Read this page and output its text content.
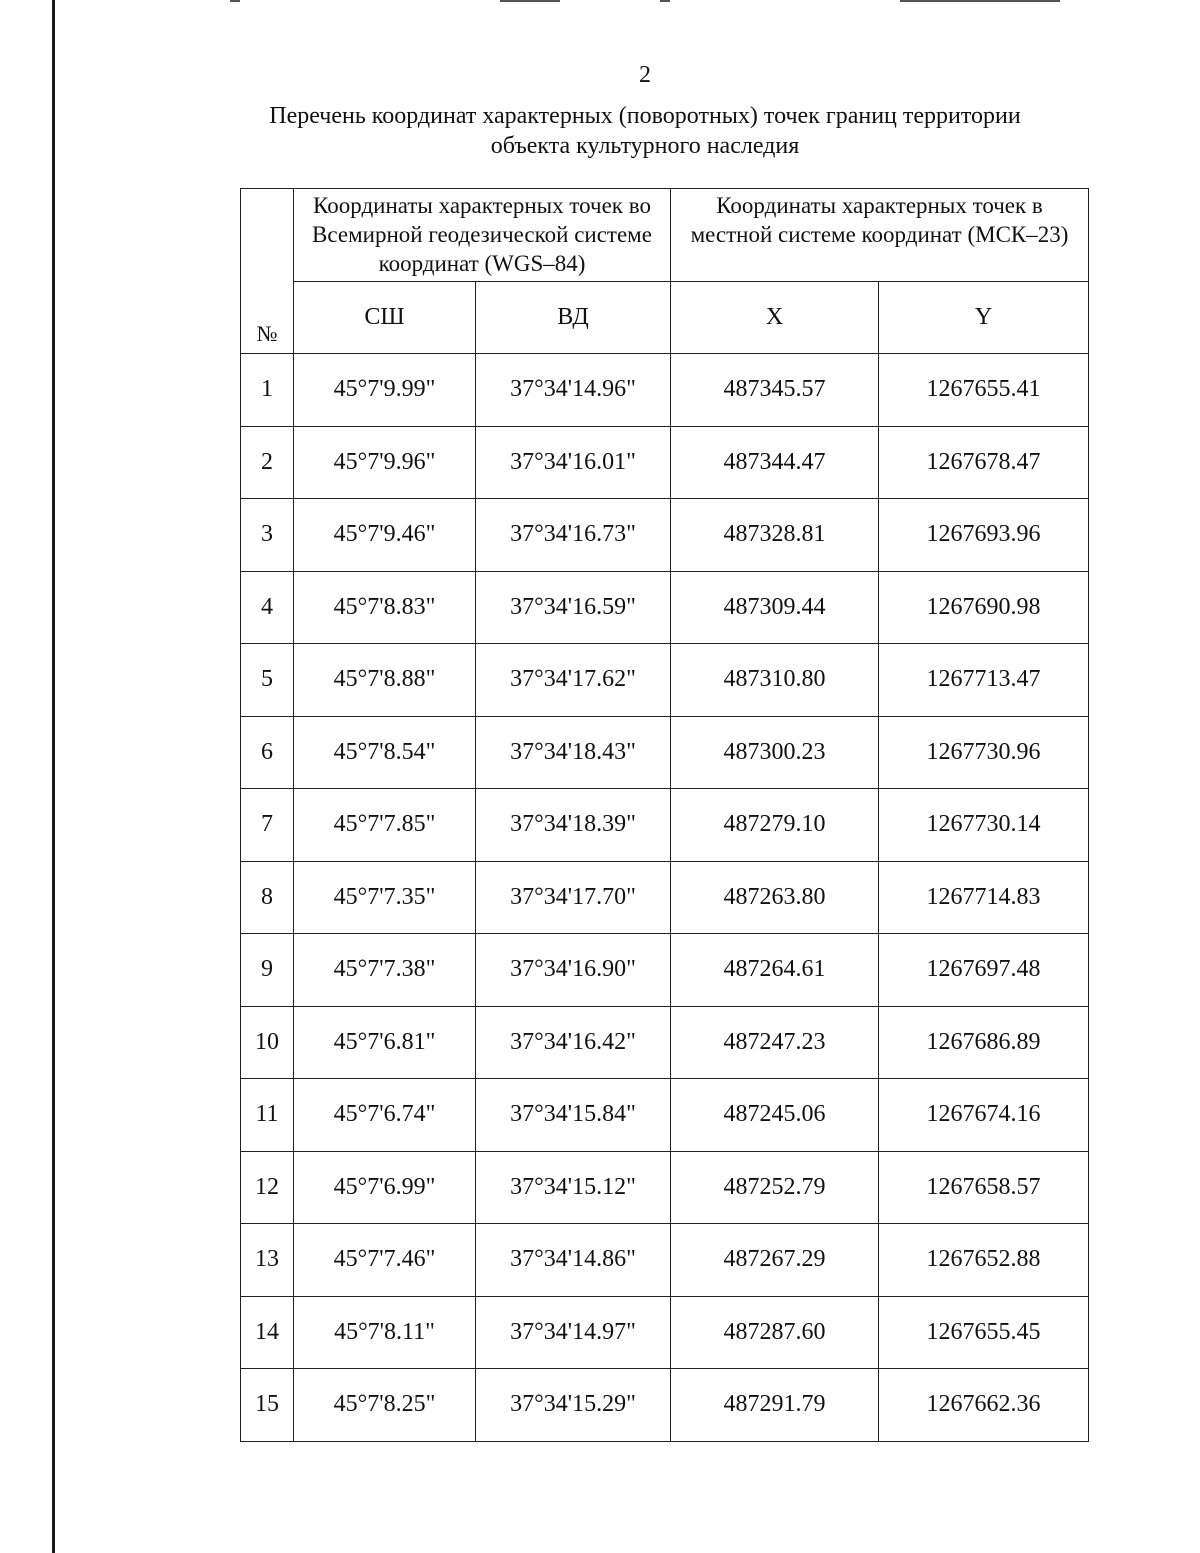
2
Перечень координат характерных (поворотных) точек границ территории
объекта культурного наследия
№	Координаты характерных точек во Всемирной геодезической системе координат (WGS–84)		Координаты характерных точек в местной системе координат (МСК–23)	
	СШ	ВД	X	Y
1	45°7'9.99"	37°34'14.96"	487345.57	1267655.41
2	45°7'9.96"	37°34'16.01"	487344.47	1267678.47
3	45°7'9.46"	37°34'16.73"	487328.81	1267693.96
4	45°7'8.83"	37°34'16.59"	487309.44	1267690.98
5	45°7'8.88"	37°34'17.62"	487310.80	1267713.47
6	45°7'8.54"	37°34'18.43"	487300.23	1267730.96
7	45°7'7.85"	37°34'18.39"	487279.10	1267730.14
8	45°7'7.35"	37°34'17.70"	487263.80	1267714.83
9	45°7'7.38"	37°34'16.90"	487264.61	1267697.48
10	45°7'6.81"	37°34'16.42"	487247.23	1267686.89
11	45°7'6.74"	37°34'15.84"	487245.06	1267674.16
12	45°7'6.99"	37°34'15.12"	487252.79	1267658.57
13	45°7'7.46"	37°34'14.86"	487267.29	1267652.88
14	45°7'8.11"	37°34'14.97"	487287.60	1267655.45
15	45°7'8.25"	37°34'15.29"	487291.79	1267662.36
